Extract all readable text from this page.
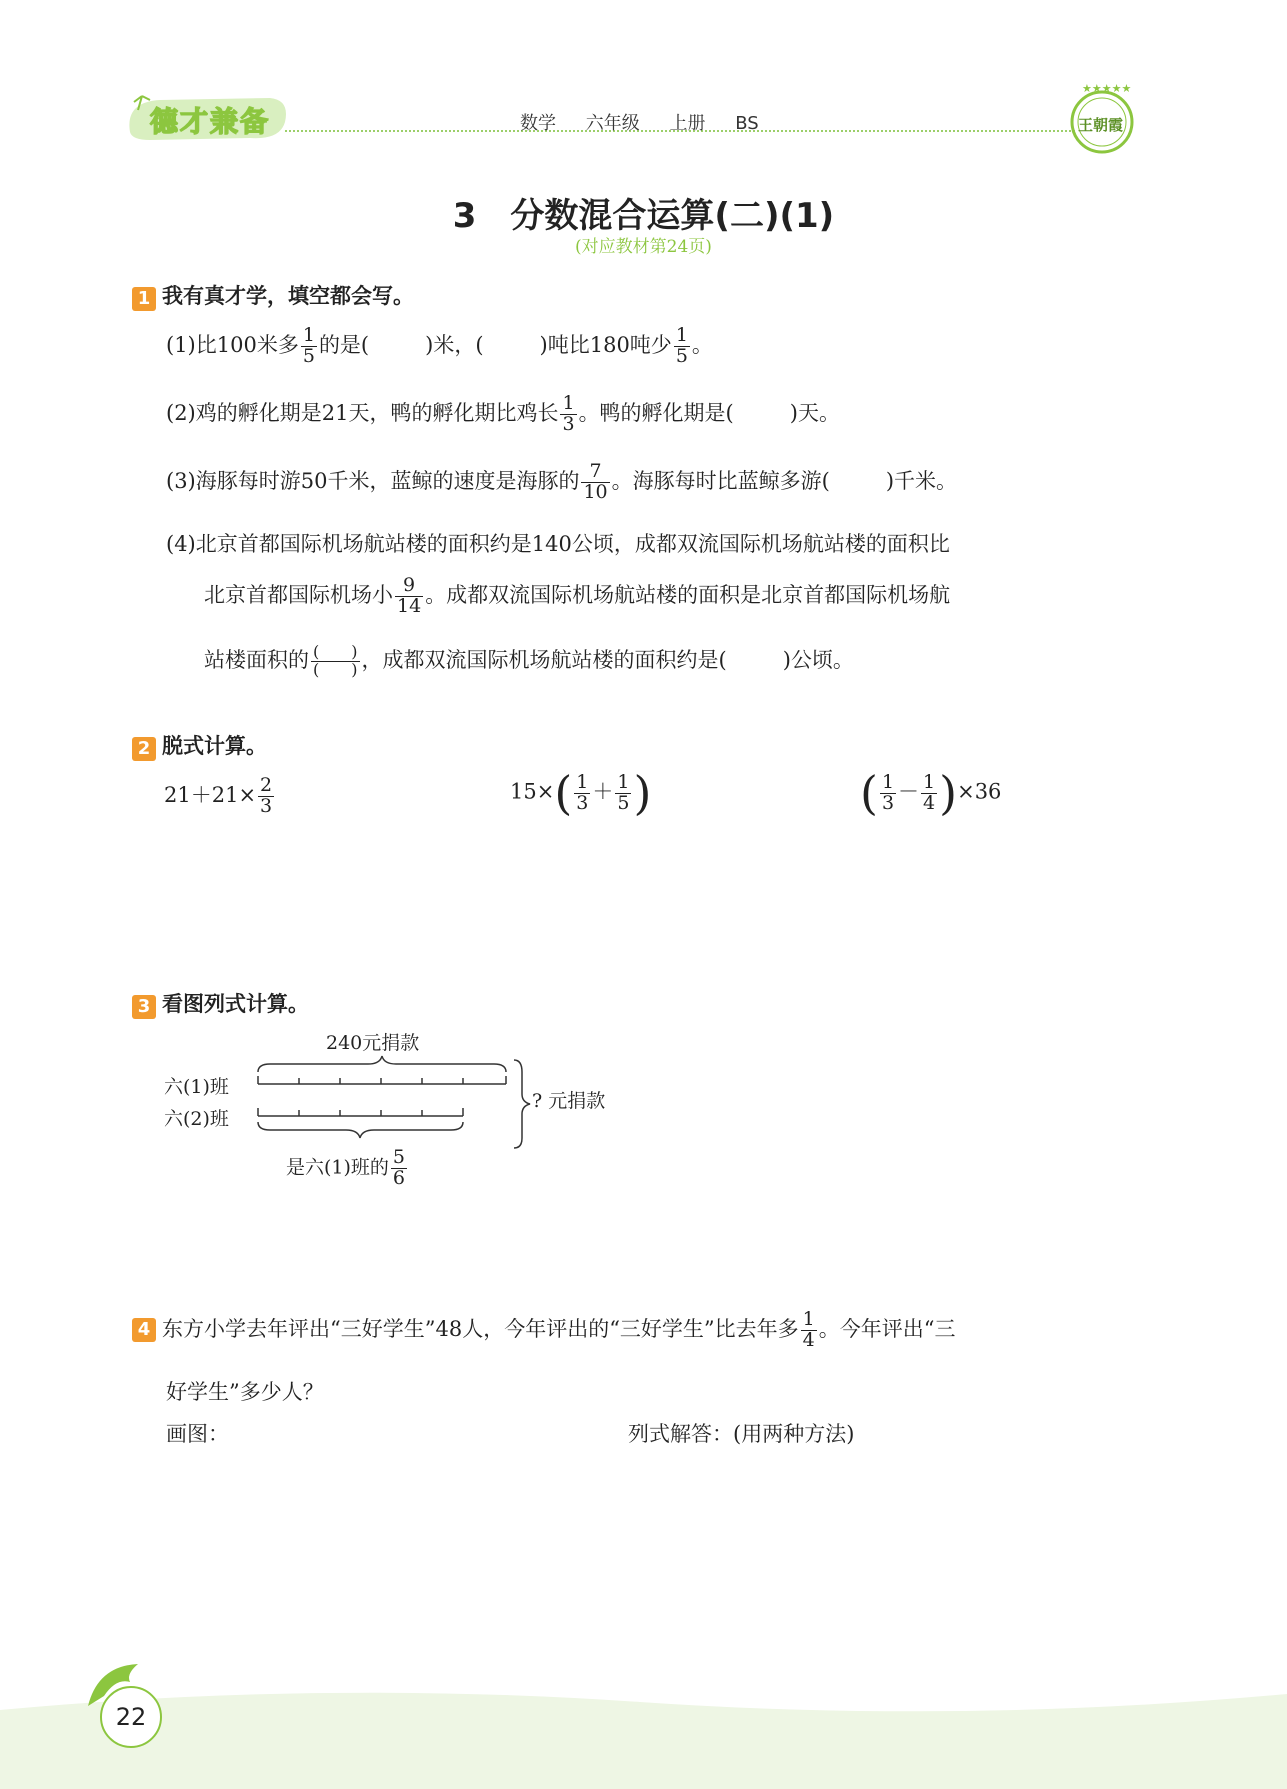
德才兼备	数学 六年级 上册 BS
★★★★★
王朝霞
3　分数混合运算(二)(1)
(对应教材第24页)
1 我有真才学，填空都会写。
(1)比100米多 $\frac{1}{5}$ 的是(	)米，(	)吨比180吨少 $\frac{1}{5}$ 。
(2)鸡的孵化期是21天，鸭的孵化期比鸡长 $\frac{1}{3}$ 。鸭的孵化期是(	)天。
(3)海豚每时游50千米，蓝鲸的速度是海豚的 $\frac{7}{10}$ 。海豚每时比蓝鲸多游(	)千米。
(4)北京首都国际机场航站楼的面积约是140公顷，成都双流国际机场航站楼的面积比
北京首都国际机场小 $\frac{9}{14}$ 。成都双流国际机场航站楼的面积是北京首都国际机场航
站楼面积的 $\frac{( )}{( )}$ ，成都双流国际机场航站楼的面积约是(	)公顷。
2 脱式计算。
$21+21\times \frac{2}{3}$	$15\times( \frac{1}{3} + \frac{1}{5}$ )	( $\frac{1}{3} - \frac{1}{4} )\times 36$
3 看图列式计算。
240元捐款
六(1)班
六(2)班
? 元捐款
是六(1)班的 $\frac{5}{6}$
4 东方小学去年评出“三好学生”48人，今年评出的“三好学生”比去年多 $\frac{1}{4}$ 。今年评出“三
好学生”多少人？
画图：	列式解答：(用两种方法)
22
